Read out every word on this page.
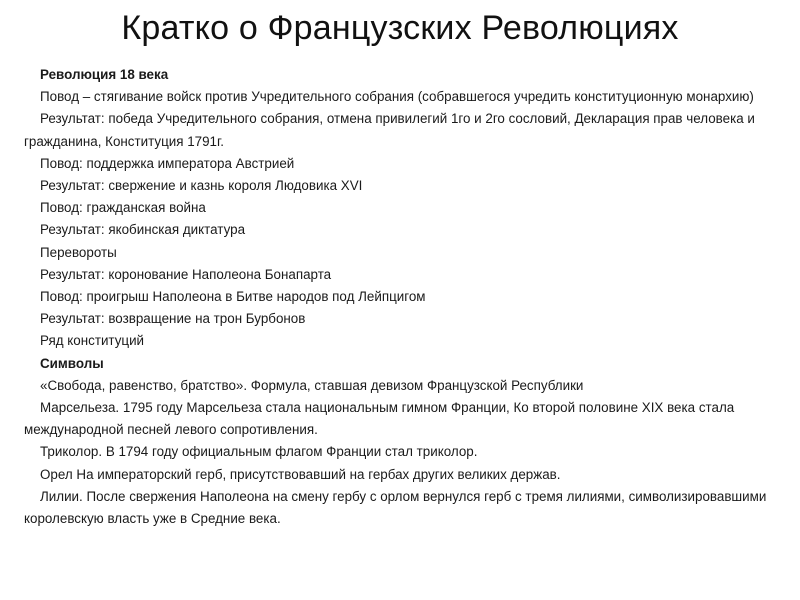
Кратко о Французских Революциях

Революция 18 века

Повод – стягивание войск против Учредительного собрания (собравшегося учредить конституционную монархию)

Результат: победа Учредительного собрания, отмена привилегий 1го и 2го сословий, Декларация прав человека и гражданина, Конституция 1791г.

Повод: поддержка императора Австрией

Результат: свержение и казнь короля Людовика XVI

Повод: гражданская война

Результат: якобинская диктатура

Перевороты

Результат: коронование Наполеона Бонапарта

Повод: проигрыш Наполеона в Битве народов под Лейпцигом

Результат: возвращение на трон Бурбонов

Ряд конституций

Символы

«Свобода, равенство, братство». Формула, ставшая девизом Французской Республики

Марсельеза. 1795 году Марсельеза стала национальным гимном Франции, Ко второй половине XIX века стала международной песней левого сопротивления.

Триколор. В 1794 году официальным флагом Франции стал триколор.

Орел На императорский герб, присутствовавший на гербах других великих держав.

Лилии. После свержения Наполеона на смену гербу с орлом вернулся герб с тремя лилиями, символизировавшими королевскую власть уже в Средние века.
